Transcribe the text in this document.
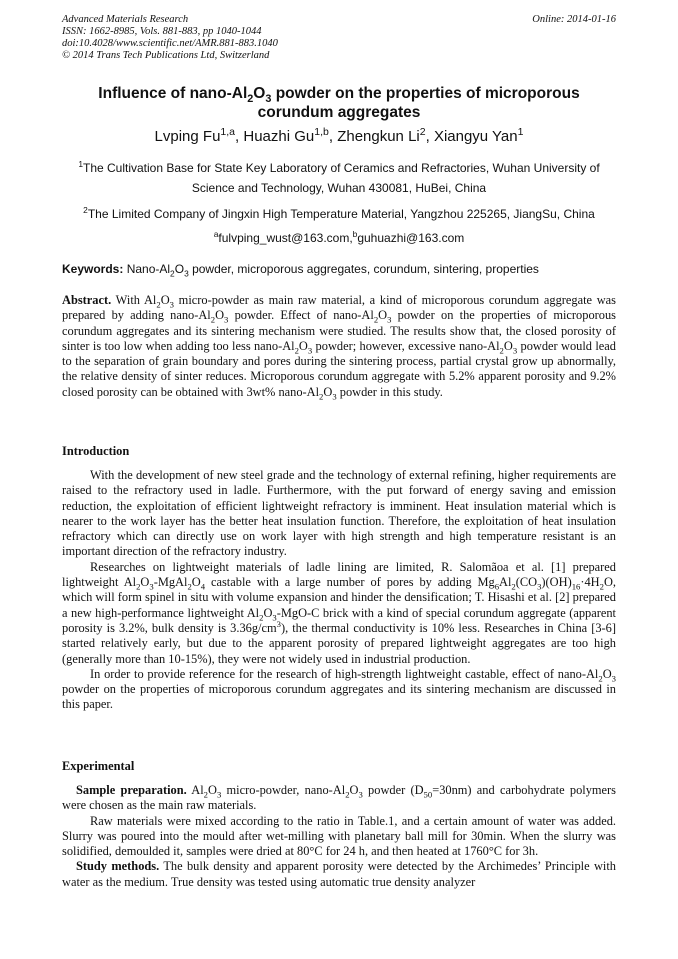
Advanced Materials Research
ISSN: 1662-8985, Vols. 881-883, pp 1040-1044
doi:10.4028/www.scientific.net/AMR.881-883.1040
© 2014 Trans Tech Publications Ltd, Switzerland
Online: 2014-01-16
Influence of nano-$Al_2O_3$ powder on the properties of microporous
corundum aggregates
Lvping Fu$^{1,a}$, Huazhi Gu$^{1,b}$, Zhengkun Li$^2$, Xiangyu Yan$^1$
$^1$The Cultivation Base for State Key Laboratory of Ceramics and Refractories, Wuhan University of
Science and Technology, Wuhan 430081, HuBei, China
$^2$The Limited Company of Jingxin High Temperature Material, Yangzhou 225265, JiangSu, China
$^a$fulvping_wust@163.com,$^b$guhuazhi@163.com
Keywords: Nano-$Al_2O_3$ powder, microporous aggregates, corundum, sintering, properties

Abstract. With $Al_2O_3$ micro-powder as main raw material, a kind of microporous corundum aggregate was prepared by adding nano-$Al_2O_3$ powder. Effect of nano-$Al_2O_3$ powder on the properties of microporous corundum aggregates and its sintering mechanism were studied. The results show that, the closed porosity of sinter is too low when adding too less nano-$Al_2O_3$ powder; however, excessive nano-$Al_2O_3$ powder would lead to the separation of grain boundary and pores during the sintering process, partial crystal grow up abnormally, the relative density of sinter reduces. Microporous corundum aggregate with 5.2% apparent porosity and 9.2% closed porosity can be obtained with 3wt% nano-$Al_2O_3$ powder in this study.

Introduction

With the development of new steel grade and the technology of external refining, higher requirements are raised to the refractory used in ladle. Furthermore, with the put forward of energy saving and emission reduction, the exploitation of efficient lightweight refractory is imminent. Heat insulation material which is nearer to the work layer has the better heat insulation function. Therefore, the exploitation of heat insulation refractory which can directly use on work layer with high strength and high temperature resistant is an important direction of the refractory industry.

Researches on lightweight materials of ladle lining are limited, R. Salomãoa et al. [1] prepared lightweight $Al_2O_3-MgAl_2O_4$ castable with a large number of pores by adding $Mg_6Al_2(CO_3)(OH)_{16}\cdot 4H_2O$, which will form spinel in situ with volume expansion and hinder the densification; T. Hisashi et al. [2] prepared a new high-performance lightweight $Al_2O_3-MgO-C$ brick with a kind of special corundum aggregate (apparent porosity is 3.2%, bulk density is $3.36g/cm^3$), the thermal conductivity is 10% less. Researches in China [3-6] started relatively early, but due to the apparent porosity of prepared lightweight aggregates are too high (generally more than 10-15%), they were not widely used in industrial production.

In order to provide reference for the research of high-strength lightweight castable, effect of nano-$Al_2O_3$ powder on the properties of microporous corundum aggregates and its sintering mechanism are discussed in this paper.

Experimental

Sample preparation. $Al_2O_3$ micro-powder, nano-$Al_2O_3$ powder $(D_{50}=30nm)$ and carbohydrate polymers were chosen as the main raw materials.

Raw materials were mixed according to the ratio in Table.1, and a certain amount of water was added. Slurry was poured into the mould after wet-milling with planetary ball mill for 30min. When the slurry was solidified, demoulded it, samples were dried at 80°C for 24 h, and then heated at 1760°C for 3h.

Study methods. The bulk density and apparent porosity were detected by the Archimedes’ Principle with water as the medium. True density was tested using automatic true density analyzer
